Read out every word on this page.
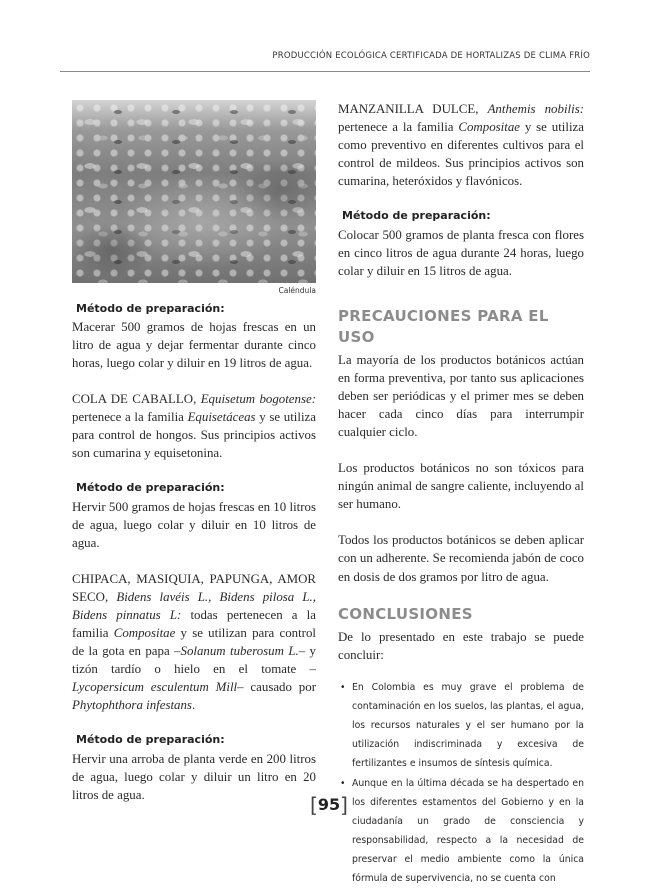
PRODUCCIÓN ECOLÓGICA CERTIFICADA DE HORTALIZAS DE CLIMA FRÍO
Caléndula
Método de preparación:

Macerar 500 gramos de hojas frescas en un litro de agua y dejar fermentar durante cinco horas, luego colar y diluir en 19 litros de agua.

COLA DE CABALLO, Equisetum bogotense: pertenece a la familia Equisetáceas y se utiliza para control de hongos. Sus principios activos son cumarina y equisetonina.

Método de preparación:

Hervir 500 gramos de hojas frescas en 10 litros de agua, luego colar y diluir en 10 litros de agua.

CHIPACA, MASIQUIA, PAPUNGA, AMOR SECO, Bidens lavéis L., Bidens pilosa L., Bidens pinnatus L: todas pertenecen a la familia Compositae y se utilizan para control de la gota en papa –Solanum tuberosum L.– y tizón tardío o hielo en el tomate –Lycopersicum esculentum Mill– causado por Phytophthora infestans.

Método de preparación:

Hervir una arroba de planta verde en 200 litros de agua, luego colar y diluir un litro en 20 litros de agua.

MANZANILLA DULCE, Anthemis nobilis: pertenece a la familia Compositae y se utiliza como preventivo en diferentes cultivos para el control de mildeos. Sus principios activos son cumarina, heteróxidos y flavónicos.

Método de preparación:

Colocar 500 gramos de planta fresca con flores en cinco litros de agua durante 24 horas, luego colar y diluir en 15 litros de agua.

PRECAUCIONES PARA EL USO

La mayoría de los productos botánicos actúan en forma preventiva, por tanto sus aplicaciones deben ser periódicas y el primer mes se deben hacer cada cinco días para interrumpir cualquier ciclo.

Los productos botánicos no son tóxicos para ningún animal de sangre caliente, incluyendo al ser humano.

Todos los productos botánicos se deben aplicar con un adherente. Se recomienda jabón de coco en dosis de dos gramos por litro de agua.

CONCLUSIONES

De lo presentado en este trabajo se puede concluir:

• En Colombia es muy grave el problema de contaminación en los suelos, las plantas, el agua, los recursos naturales y el ser humano por la utilización indiscriminada y excesiva de fertilizantes e insumos de síntesis química.
• Aunque en la última década se ha despertado en los diferentes estamentos del Gobierno y en la ciudadanía un grado de consciencia y responsabilidad, respecto a la necesidad de preservar el medio ambiente como la única fórmula de supervivencia, no se cuenta con
[95]
